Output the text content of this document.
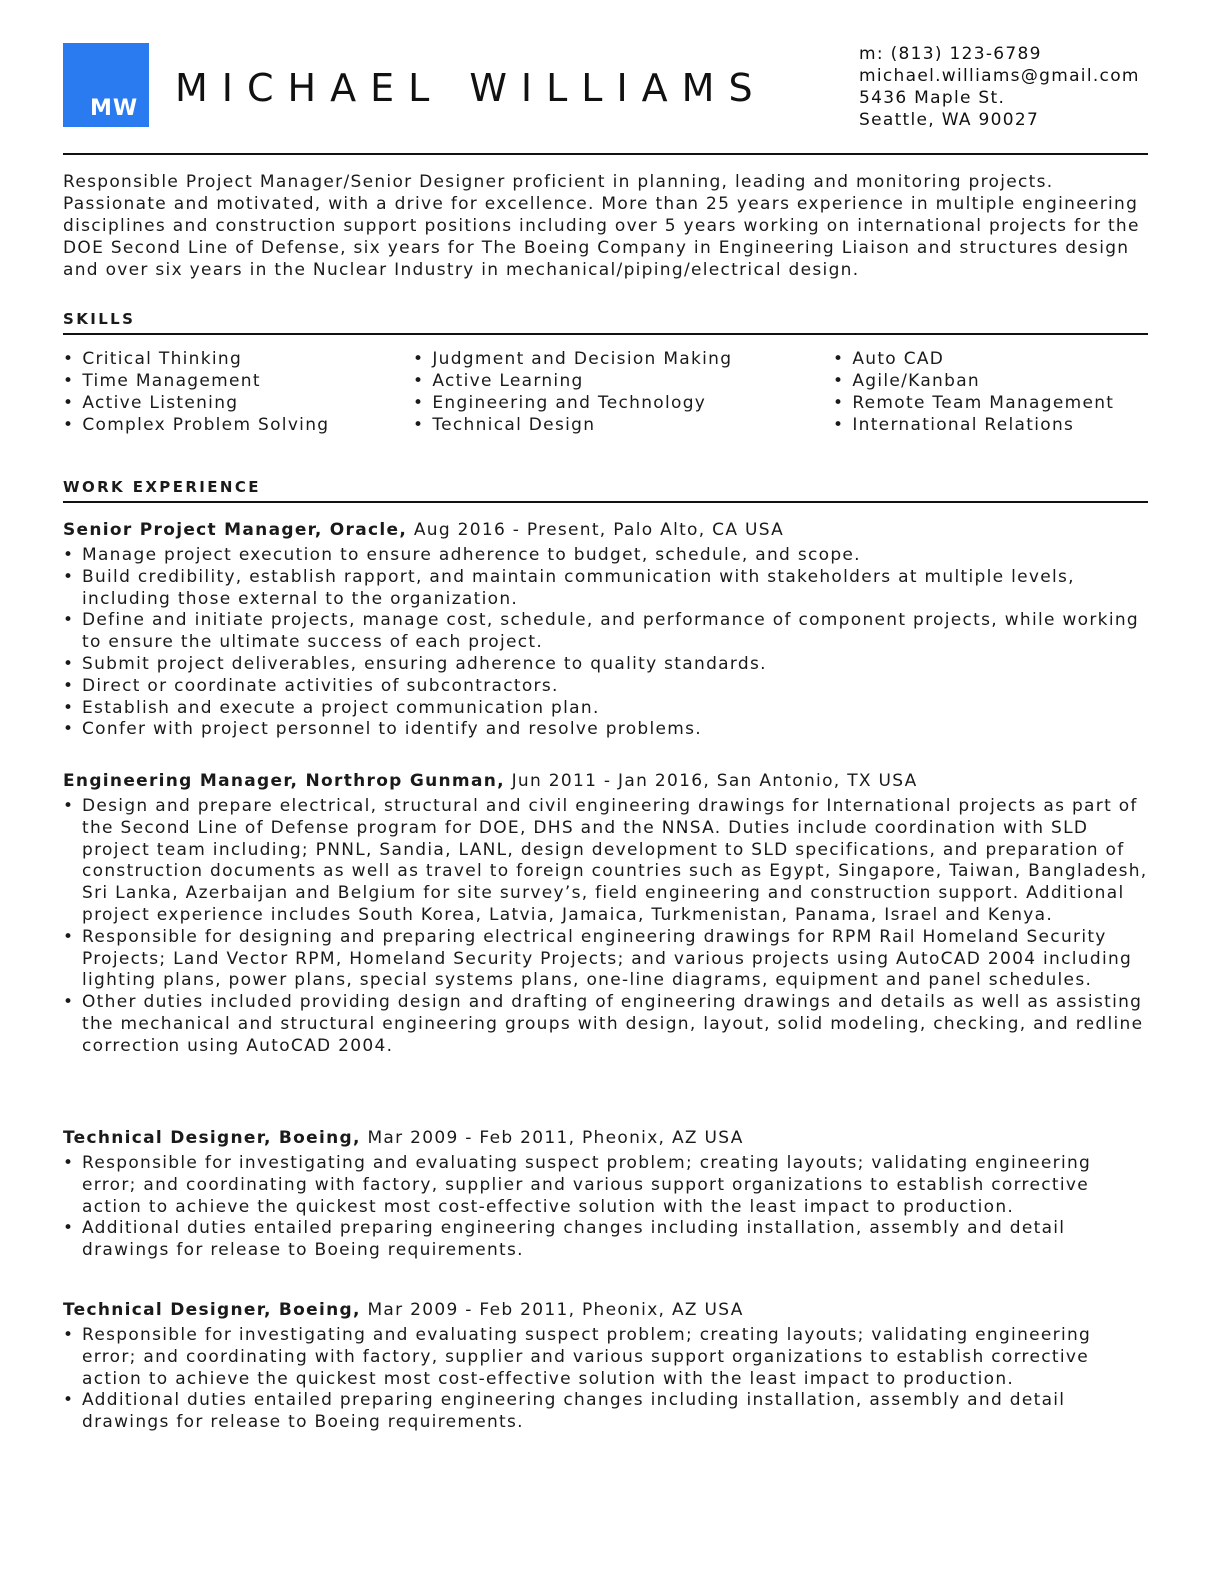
MW MICHAEL WILLIAMS
m: (813) 123-6789
michael.williams@gmail.com
5436 Maple St.
Seattle, WA 90027
Responsible Project Manager/Senior Designer proficient in planning, leading and monitoring projects. Passionate and motivated, with a drive for excellence. More than 25 years experience in multiple engineering disciplines and construction support positions including over 5 years working on international projects for the DOE Second Line of Defense, six years for The Boeing Company in Engineering Liaison and structures design and over six years in the Nuclear Industry in mechanical/piping/electrical design.
SKILLS
• Critical Thinking
• Time Management
• Active Listening
• Complex Problem Solving
• Judgment and Decision Making
• Active Learning
• Engineering and Technology
• Technical Design
• Auto CAD
• Agile/Kanban
• Remote Team Management
• International Relations
WORK EXPERIENCE
Senior Project Manager, Oracle, Aug 2016 - Present, Palo Alto, CA USA
• Manage project execution to ensure adherence to budget, schedule, and scope.
• Build credibility, establish rapport, and maintain communication with stakeholders at multiple levels, including those external to the organization.
• Define and initiate projects, manage cost, schedule, and performance of component projects, while working to ensure the ultimate success of each project.
• Submit project deliverables, ensuring adherence to quality standards.
• Direct or coordinate activities of subcontractors.
• Establish and execute a project communication plan.
• Confer with project personnel to identify and resolve problems.
Engineering Manager, Northrop Gunman, Jun 2011 - Jan 2016, San Antonio, TX USA
• Design and prepare electrical, structural and civil engineering drawings for International projects as part of the Second Line of Defense program for DOE, DHS and the NNSA. Duties include coordination with SLD project team including; PNNL, Sandia, LANL, design development to SLD specifications, and preparation of construction documents as well as travel to foreign countries such as Egypt, Singapore, Taiwan, Bangladesh, Sri Lanka, Azerbaijan and Belgium for site survey’s, field engineering and construction support. Additional project experience includes South Korea, Latvia, Jamaica, Turkmenistan, Panama, Israel and Kenya.
• Responsible for designing and preparing electrical engineering drawings for RPM Rail Homeland Security Projects; Land Vector RPM, Homeland Security Projects; and various projects using AutoCAD 2004 including lighting plans, power plans, special systems plans, one-line diagrams, equipment and panel schedules.
• Other duties included providing design and drafting of engineering drawings and details as well as assisting the mechanical and structural engineering groups with design, layout, solid modeling, checking, and redline correction using AutoCAD 2004.
Technical Designer, Boeing, Mar 2009 - Feb 2011, Pheonix, AZ USA
• Responsible for investigating and evaluating suspect problem; creating layouts; validating engineering error; and coordinating with factory, supplier and various support organizations to establish corrective action to achieve the quickest most cost-effective solution with the least impact to production.
• Additional duties entailed preparing engineering changes including installation, assembly and detail drawings for release to Boeing requirements.
Technical Designer, Boeing, Mar 2009 - Feb 2011, Pheonix, AZ USA
• Responsible for investigating and evaluating suspect problem; creating layouts; validating engineering error; and coordinating with factory, supplier and various support organizations to establish corrective action to achieve the quickest most cost-effective solution with the least impact to production.
• Additional duties entailed preparing engineering changes including installation, assembly and detail drawings for release to Boeing requirements.
